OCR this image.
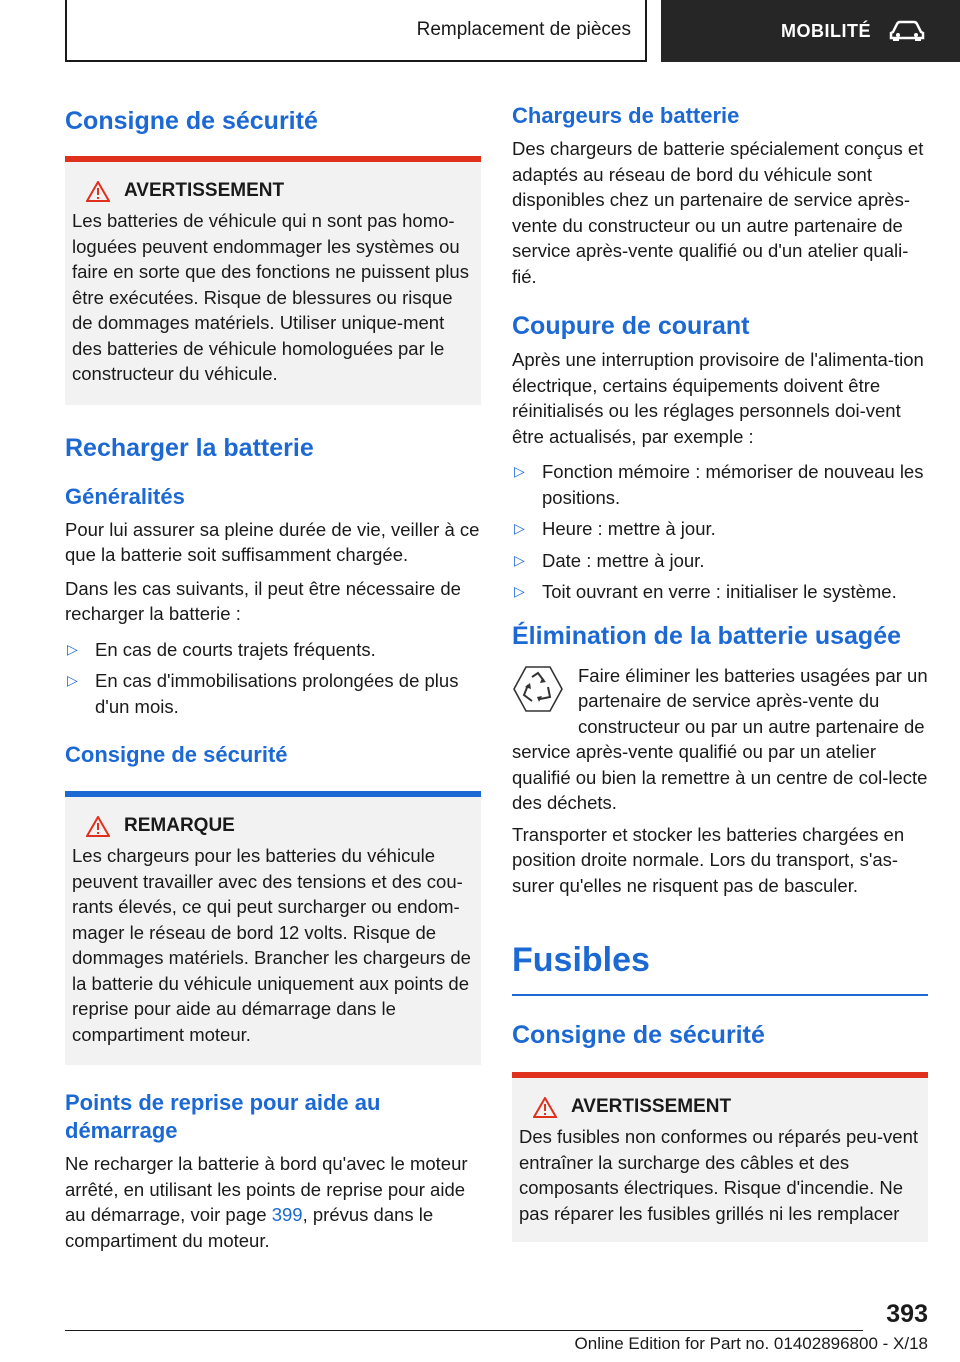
Remplacement de pièces	MOBILITÉ
Consigne de sécurité
AVERTISSEMENT

Les batteries de véhicule qui n sont pas homo-loguées peuvent endommager les systèmes ou faire en sorte que des fonctions ne puissent plus être exécutées. Risque de blessures ou risque de dommages matériels. Utiliser unique-ment des batteries de véhicule homologuées par le constructeur du véhicule.

Recharger la batterie
Généralités

Pour lui assurer sa pleine durée de vie, veiller à ce que la batterie soit suffisamment chargée.

Dans les cas suivants, il peut être nécessaire de recharger la batterie :

▷ En cas de courts trajets fréquents.
▷ En cas d'immobilisations prolongées de plus d'un mois.
Consigne de sécurité
REMARQUE

Les chargeurs pour les batteries du véhicule peuvent travailler avec des tensions et des cou-rants élevés, ce qui peut surcharger ou endom-mager le réseau de bord 12 volts. Risque de dommages matériels. Brancher les chargeurs de la batterie du véhicule uniquement aux points de reprise pour aide au démarrage dans le compartiment moteur.

Points de reprise pour aide au démarrage

Ne recharger la batterie à bord qu'avec le moteur arrêté, en utilisant les points de reprise pour aide au démarrage, voir page 399, prévus dans le compartiment du moteur.

Chargeurs de batterie

Des chargeurs de batterie spécialement conçus et adaptés au réseau de bord du véhicule sont disponibles chez un partenaire de service après-vente du constructeur ou un autre partenaire de service après-vente qualifié ou d'un atelier quali-fié.

Coupure de courant

Après une interruption provisoire de l'alimenta-tion électrique, certains équipements doivent être réinitialisés ou les réglages personnels doi-vent être actualisés, par exemple :

▷ Fonction mémoire : mémoriser de nouveau les positions.
▷ Heure : mettre à jour.
▷ Date : mettre à jour.
▷ Toit ouvrant en verre : initialiser le système.
Élimination de la batterie usagée

Faire éliminer les batteries usagées par un partenaire de service après-vente du constructeur ou par un autre partenaire de service après-vente qualifié ou par un atelier qualifié ou bien la remettre à un centre de col-lecte des déchets.

Transporter et stocker les batteries chargées en position droite normale. Lors du transport, s'as-surer qu'elles ne risquent pas de basculer.

Fusibles
Consigne de sécurité
AVERTISSEMENT

Des fusibles non conformes ou réparés peu-vent entraîner la surcharge des câbles et des composants électriques. Risque d'incendie. Ne pas réparer les fusibles grillés ni les remplacer

393
Online Edition for Part no. 01402896800 - X/18
